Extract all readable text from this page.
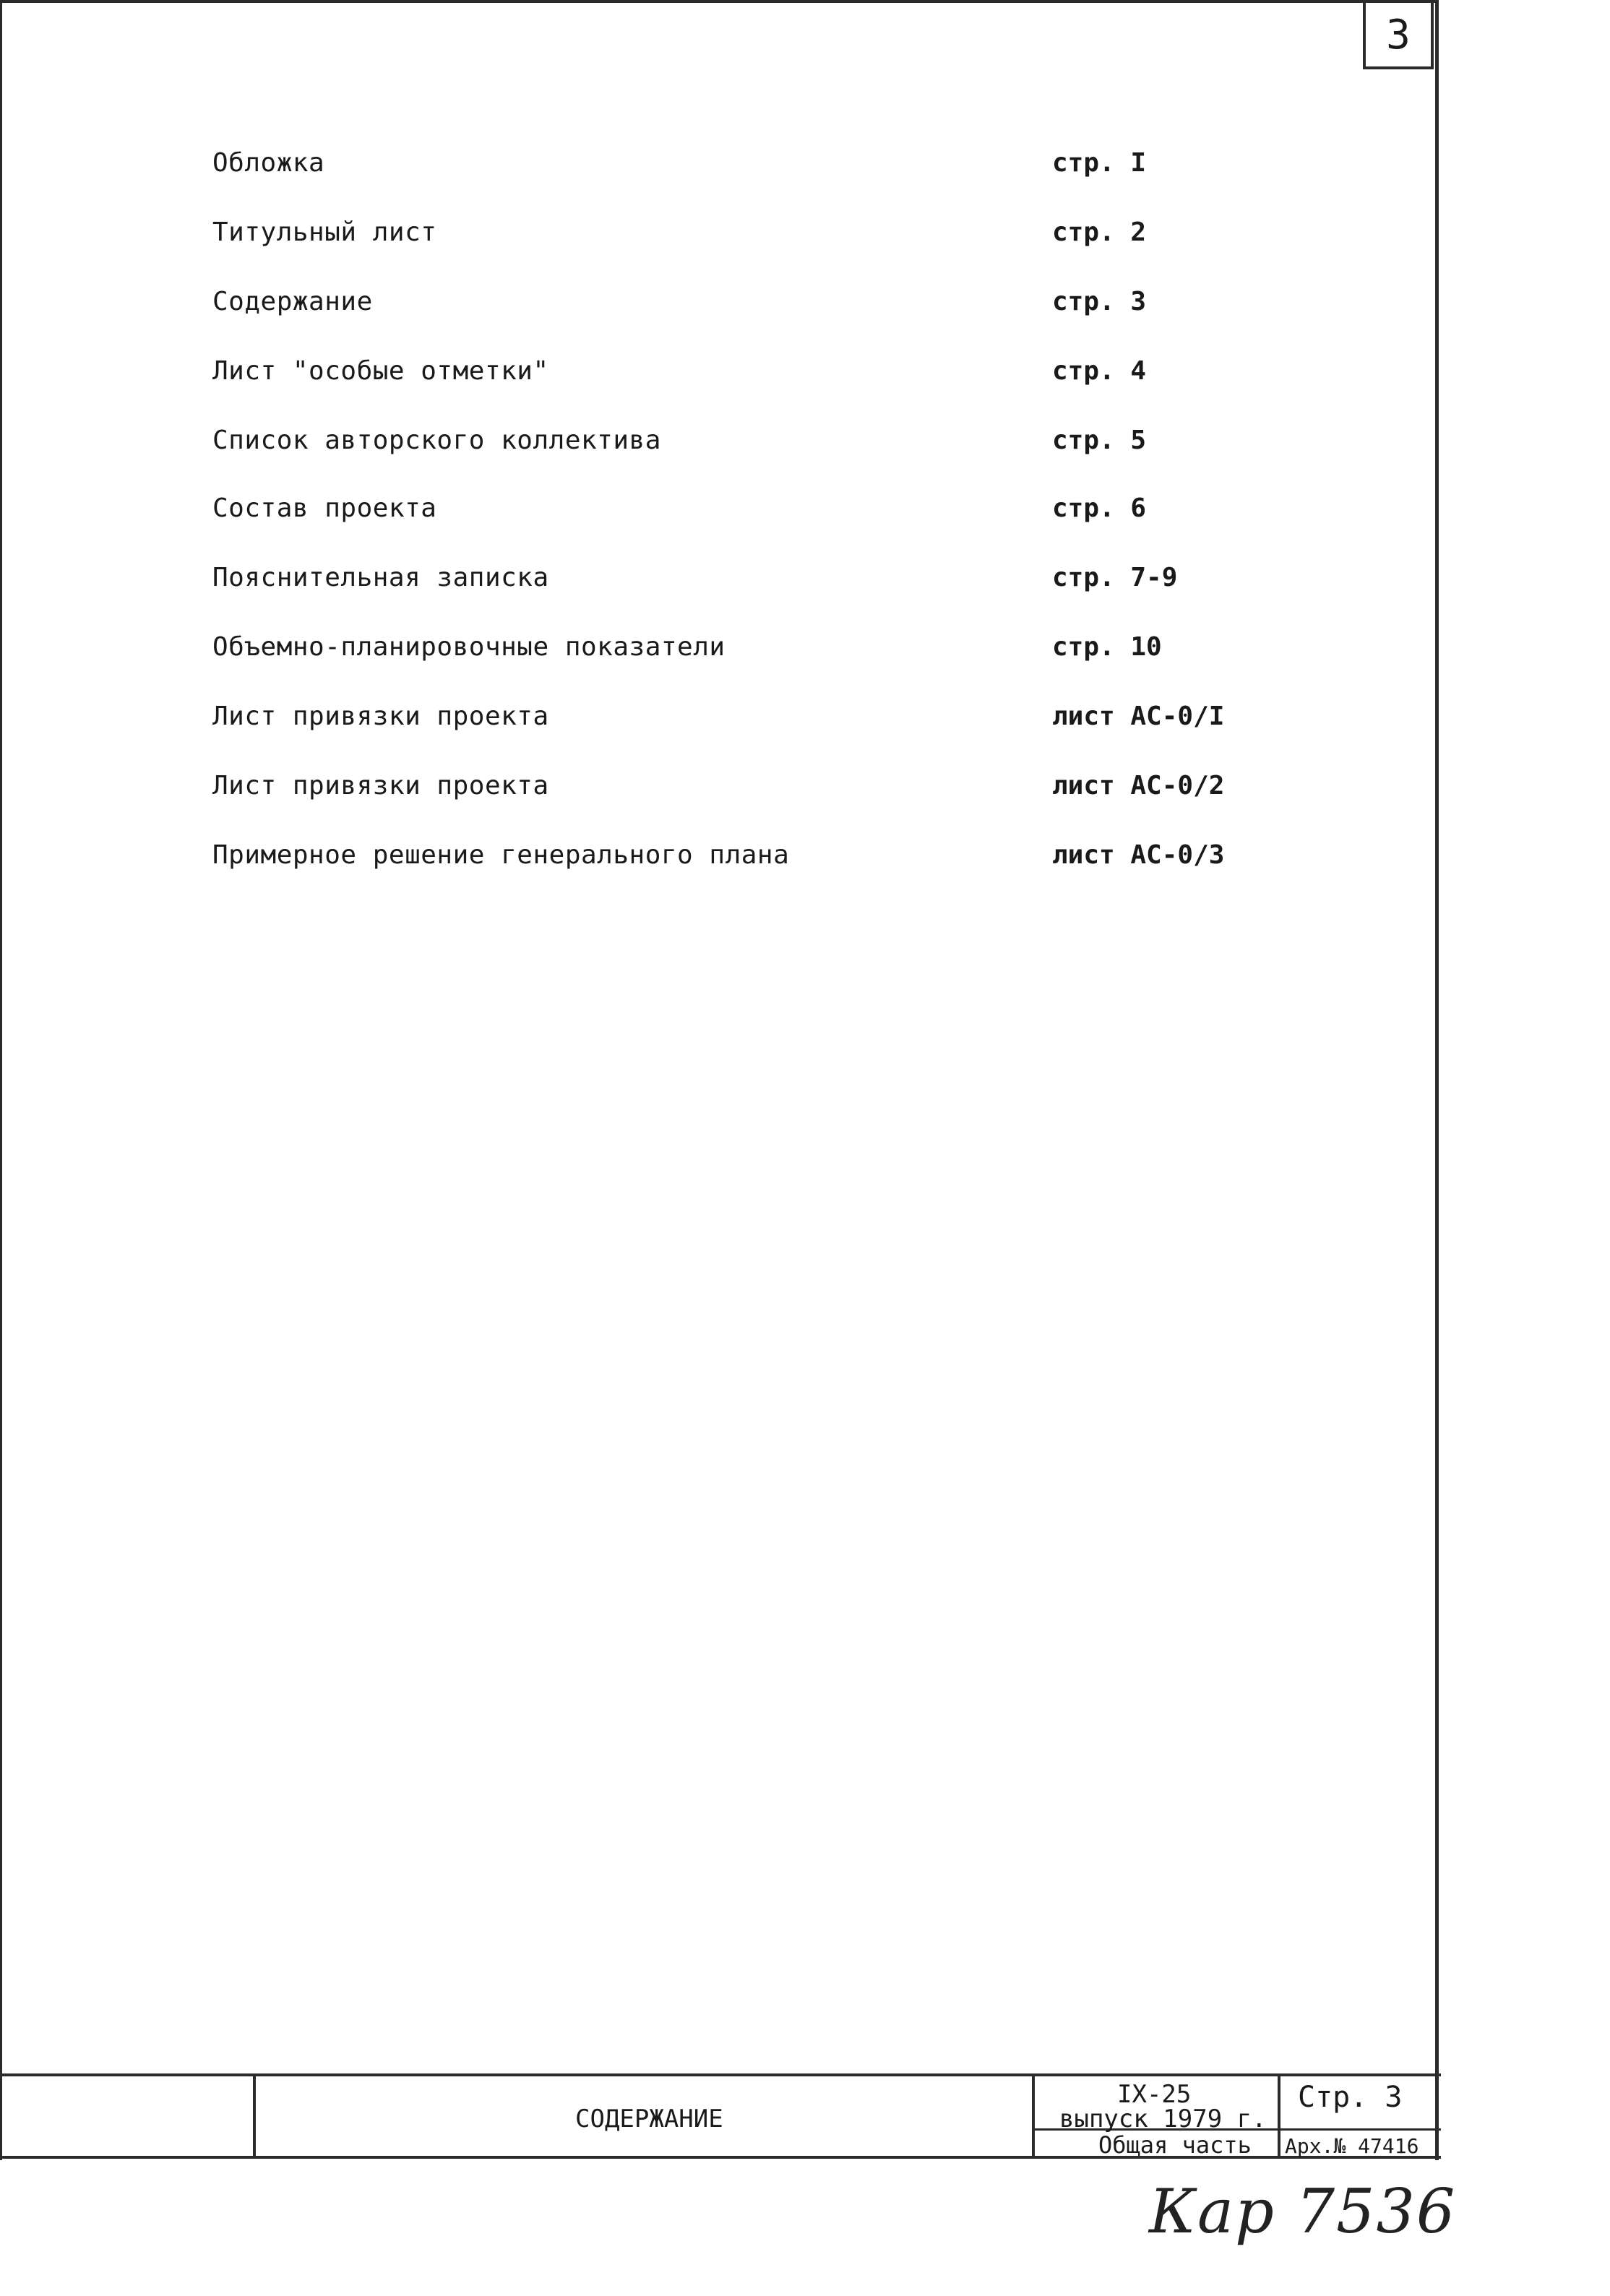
3
Обложка	стр. I
Титульный лист	стр. 2
Содержание	стр. 3
Лист "особые отметки"	стр. 4
Список авторского коллектива	стр. 5
Состав проекта	стр. 6
Пояснительная записка	стр. 7-9
Объемно-планировочные показатели	стр. 10
Лист привязки проекта	лист АС-0/I
Лист привязки проекта	лист АС-0/2
Примерное решение генерального плана	лист АС-0/3
СОДЕРЖАНИЕ
IX-25
выпуск 1979 г.
Общая часть
Стр. 3
Арх.№ 47416
Кар 7536
